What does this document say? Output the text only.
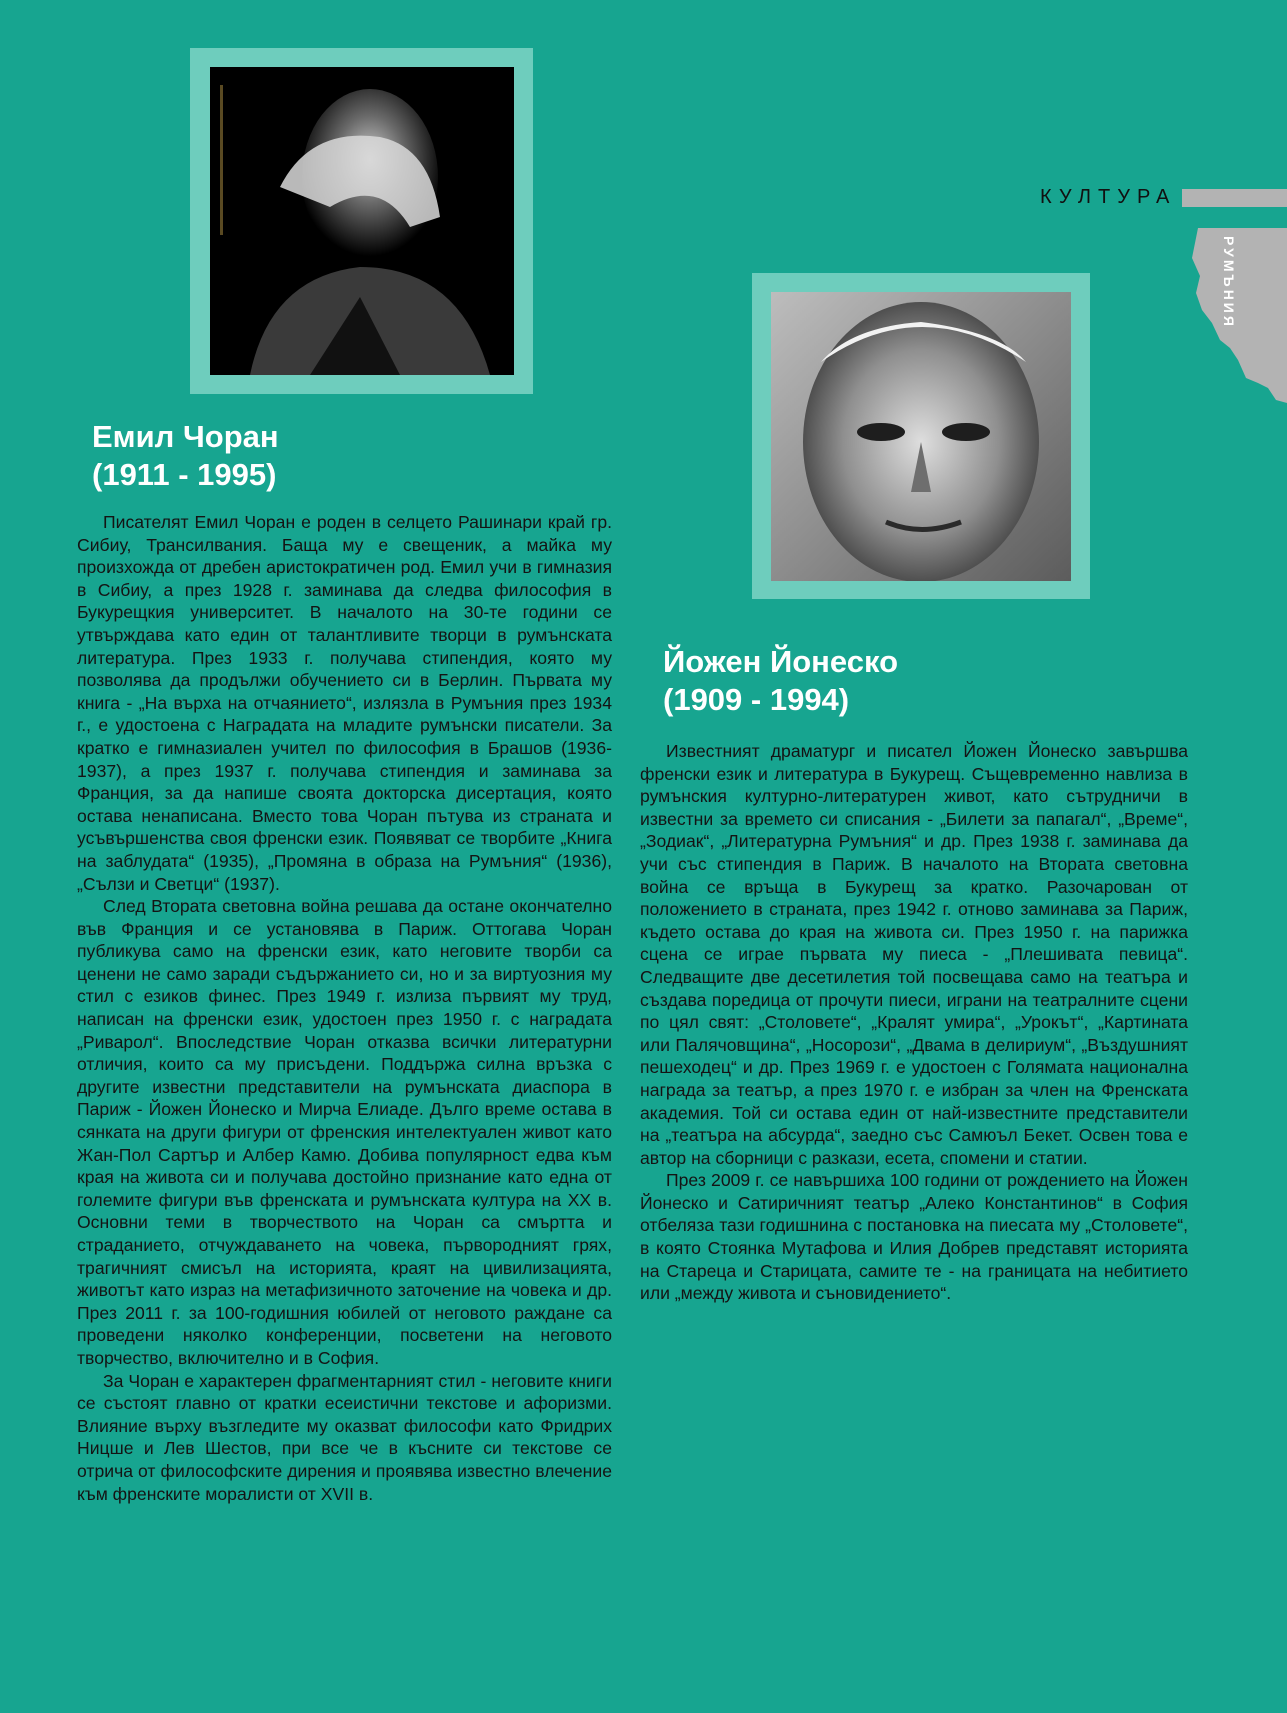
КУЛТУРА
РУМЪНИЯ
Емил Чоран
(1911 - 1995)

Писателят Емил Чоран е роден в селцето Рашинари край гр. Сибиу, Трансилвания. Баща му е свещеник, а майка му произхожда от дребен аристократичен род. Емил учи в гимназия в Сибиу, а през 1928 г. заминава да следва философия в Букурещкия университет. В началото на 30-те години се утвърждава като един от талантливите творци в румънската литература. През 1933 г. получава стипендия, която му позволява да продължи обучението си в Берлин. Първата му книга - „На върха на отчаянието“, излязла в Румъния през 1934 г., е удостоена с Наградата на младите румънски писатели. За кратко е гимназиален учител по философия в Брашов (1936-1937), а през 1937 г. получава стипендия и заминава за Франция, за да напише своята докторска дисертация, която остава ненаписана. Вместо това Чоран пътува из страната и усъвършенства своя френски език. Появяват се творбите „Книга на заблудата“ (1935), „Промяна в образа на Румъния“ (1936), „Сълзи и Светци“ (1937).

След Втората световна война решава да остане окончателно във Франция и се установява в Париж. Оттогава Чоран публикува само на френски език, като неговите творби са ценени не само заради съдържанието си, но и за виртуозния му стил с езиков финес. През 1949 г. излиза първият му труд, написан на френски език, удостоен през 1950 г. с наградата „Риварол“. Впоследствие Чоран отказва всички литературни отличия, които са му присъдени. Поддържа силна връзка с другите известни представители на румънската диаспора в Париж - Йожен Йонеско и Мирча Елиаде. Дълго време остава в сянката на други фигури от френския интелектуален живот като Жан-Пол Сартър и Албер Камю. Добива популярност едва към края на живота си и получава достойно признание като една от големите фигури във френската и румънската култура на XX в. Основни теми в творчеството на Чоран са смъртта и страданието, отчуждаването на човека, първородният грях, трагичният смисъл на историята, краят на цивилизацията, животът като израз на метафизичното заточение на човека и др. През 2011 г. за 100-годишния юбилей от неговото раждане са проведени няколко конференции, посветени на неговото творчество, включително и в София.

За Чоран е характерен фрагментарният стил - неговите книги се състоят главно от кратки есеистични текстове и афоризми. Влияние върху възгледите му оказват философи като Фридрих Ницше и Лев Шестов, при все че в късните си текстове се отрича от философските дирения и проявява известно влечение към френските моралисти от XVII в.

Йожен Йонеско
(1909 - 1994)

Известният драматург и писател Йожен Йонеско завършва френски език и литература в Букурещ. Същевременно навлиза в румънския културно-литературен живот, като сътрудничи в известни за времето си списания - „Билети за папагал“, „Време“, „Зодиак“, „Литературна Румъния“ и др. През 1938 г. заминава да учи със стипендия в Париж. В началото на Втората световна война се връща в Букурещ за кратко. Разочарован от положението в страната, през 1942 г. отново заминава за Париж, където остава до края на живота си. През 1950 г. на парижка сцена се играе първата му пиеса - „Плешивата певица“. Следващите две десетилетия той посвещава само на театъра и създава поредица от прочути пиеси, играни на театралните сцени по цял свят: „Столовете“, „Кралят умира“, „Урокът“, „Картината или Палячовщина“, „Носорози“, „Двама в делириум“, „Въздушният пешеходец“ и др. През 1969 г. е удостоен с Голямата национална награда за театър, а през 1970 г. е избран за член на Френската академия. Той си остава един от най-известните представители на „театъра на абсурда“, заедно със Самюъл Бекет. Освен това е автор на сборници с разкази, есета, спомени и статии.

През 2009 г. се навършиха 100 години от рождението на Йожен Йонеско и Сатиричният театър „Алеко Константинов“ в София отбеляза тази годишнина с постановка на пиесата му „Столовете“, в която Стоянка Мутафова и Илия Добрев представят историята на Стареца и Старицата, самите те - на границата на небитието или „между живота и съновидението“.
